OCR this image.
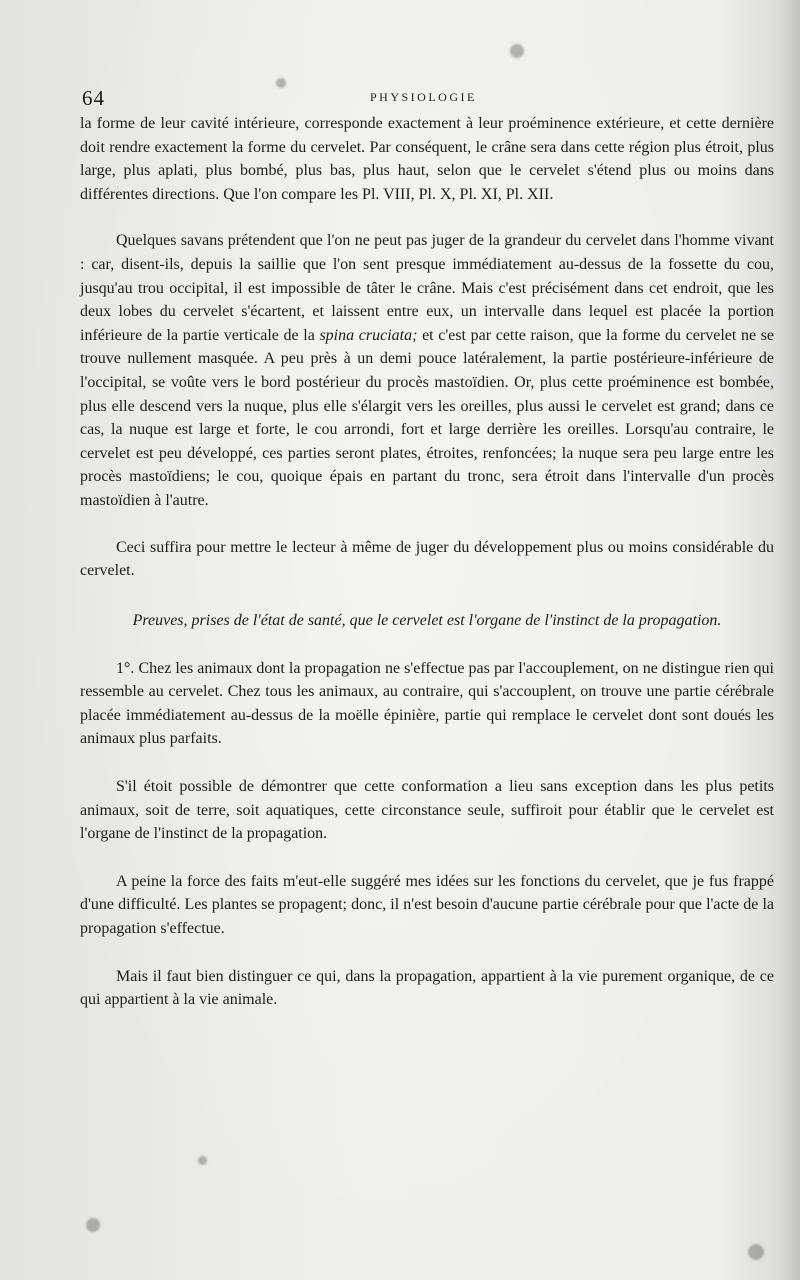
64	PHYSIOLOGIE

la forme de leur cavité intérieure, corresponde exactement à leur proéminence extérieure, et cette dernière doit rendre exactement la forme du cervelet. Par conséquent, le crâne sera dans cette région plus étroit, plus large, plus aplati, plus bombé, plus bas, plus haut, selon que le cervelet s'étend plus ou moins dans différentes directions. Que l'on compare les Pl. VIII, Pl. X, Pl. XI, Pl. XII.

Quelques savans prétendent que l'on ne peut pas juger de la grandeur du cervelet dans l'homme vivant : car, disent-ils, depuis la saillie que l'on sent presque immédiatement au-dessus de la fossette du cou, jusqu'au trou occipital, il est impossible de tâter le crâne. Mais c'est précisément dans cet endroit, que les deux lobes du cervelet s'écartent, et laissent entre eux, un intervalle dans lequel est placée la portion inférieure de la partie verticale de la spina cruciata; et c'est par cette raison, que la forme du cervelet ne se trouve nullement masquée. A peu près à un demi pouce latéralement, la partie postérieure-inférieure de l'occipital, se voûte vers le bord postérieur du procès mastoïdien. Or, plus cette proéminence est bombée, plus elle descend vers la nuque, plus elle s'élargit vers les oreilles, plus aussi le cervelet est grand; dans ce cas, la nuque est large et forte, le cou arrondi, fort et large derrière les oreilles. Lorsqu'au contraire, le cervelet est peu développé, ces parties seront plates, étroites, renfoncées; la nuque sera peu large entre les procès mastoïdiens; le cou, quoique épais en partant du tronc, sera étroit dans l'intervalle d'un procès mastoïdien à l'autre.

Ceci suffira pour mettre le lecteur à même de juger du développement plus ou moins considérable du cervelet.

Preuves, prises de l'état de santé, que le cervelet est l'organe de l'instinct de la propagation.

1°. Chez les animaux dont la propagation ne s'effectue pas par l'accouplement, on ne distingue rien qui ressemble au cervelet. Chez tous les animaux, au contraire, qui s'accouplent, on trouve une partie cérébrale placée immédiatement au-dessus de la moëlle épinière, partie qui remplace le cervelet dont sont doués les animaux plus parfaits.

S'il étoit possible de démontrer que cette conformation a lieu sans exception dans les plus petits animaux, soit de terre, soit aquatiques, cette circonstance seule, suffiroit pour établir que le cervelet est l'organe de l'instinct de la propagation.

A peine la force des faits m'eut-elle suggéré mes idées sur les fonctions du cervelet, que je fus frappé d'une difficulté. Les plantes se propagent; donc, il n'est besoin d'aucune partie cérébrale pour que l'acte de la propagation s'effectue.

Mais il faut bien distinguer ce qui, dans la propagation, appartient à la vie purement organique, de ce qui appartient à la vie animale.
